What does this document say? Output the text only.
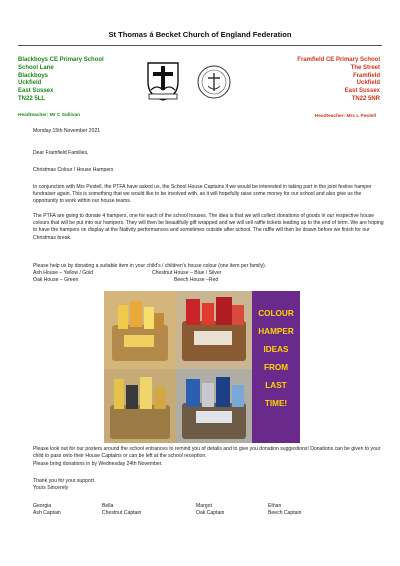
St Thomas á Becket Church of England Federation
Blackboys CE Primary School
School Lane
Blackboys
Uckfield
East Sussex
TN22 5LL
Headteacher: Mr C Sullivan
Framfield CE Primary School
The Street
Framfield
Uckfield
East Sussex
TN22 5NR
Headteacher: Mrs L Pestell
Monday 15th November 2021
Dear Framfield Families,
Christmas Colour / House Hampers
In conjunction with Mrs Pestell, the PTFA have asked us, the School House Captains if we would be interested in taking part in the joint festive hamper fundraiser again. This is something that we would like to be involved with, as it will hopefully raise some money for our school and also give us the opportunity to work within our house teams.
The PTFA are going to donate 4 hampers, one for each of the school houses. The idea is that we will collect donations of goods in our respective house colours that will be put into our hampers. They will then be beautifully gift wrapped and we will sell raffle tickets leading up to the end of term. We are hoping to have the hampers on display at the Nativity performances and sometimes outside after school. The raffle will then be drawn before we finish for our Christmas break.
Please help us by donating a suitable item in your child’s / children’s house colour (one item per family).
Ash House – Yellow / Gold	Chestnut House – Blue / Silver
Oak House – Green	Beech House –Red
COLOUR
HAMPER
IDEAS
FROM
LAST
TIME!
Please look out for our posters around the school entrances to remind you of details and to give you donation suggestions! Donations can be given to your child to pass onto their House Captains or can be left at the school reception.
Please bring donations in by Wednesday 24th November.
Thank you for your support.
Yours Sincerely
Georgia
Ash Captain
Bella
Chestnut Captain
Margot
Oak Captain
Ethan
Beech Captain
